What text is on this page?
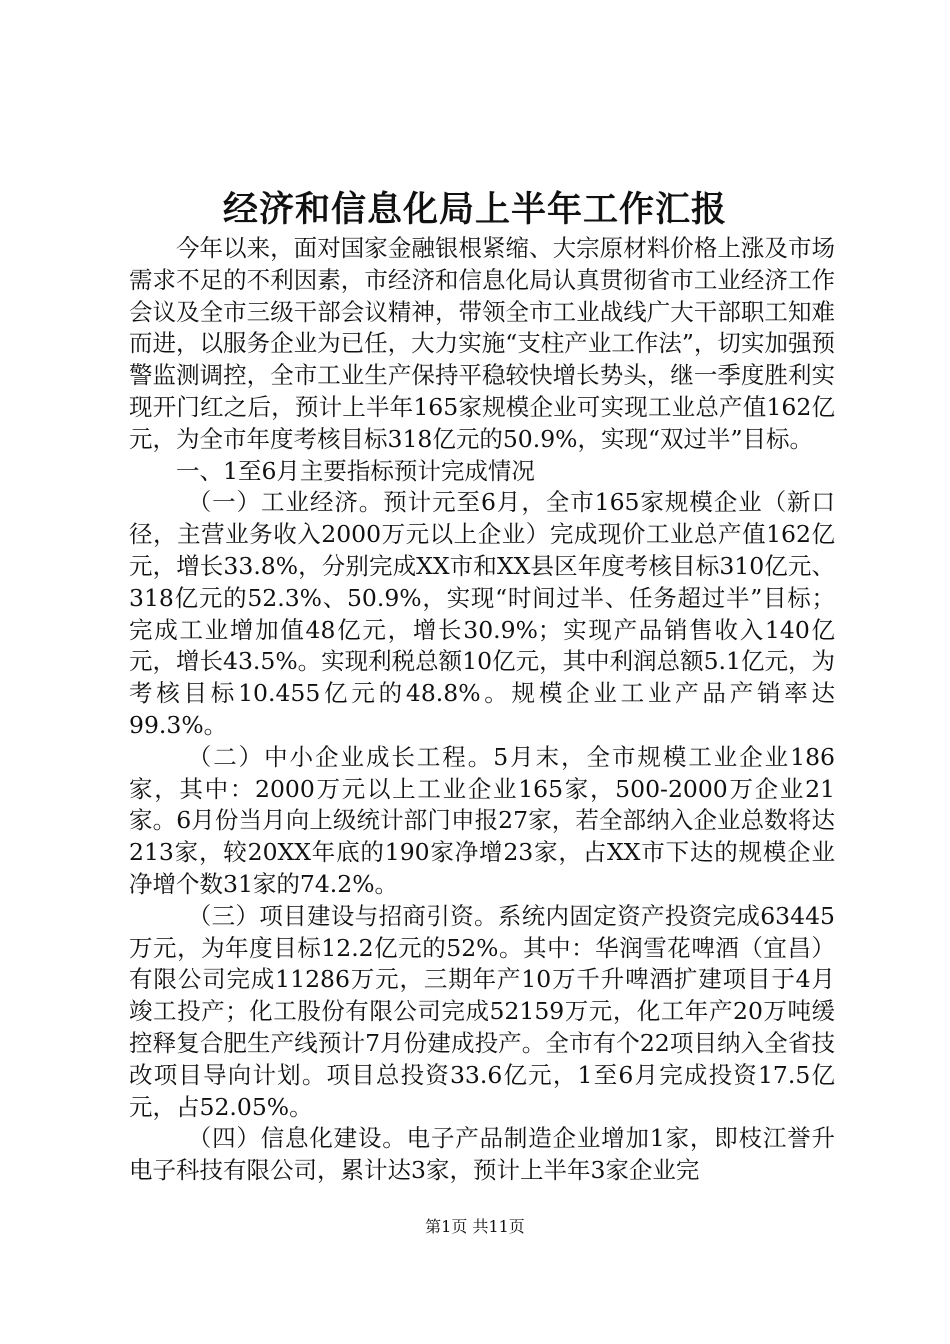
经济和信息化局上半年工作汇报

今年以来，面对国家金融银根紧缩、大宗原材料价格上涨及市场需求不足的不利因素，市经济和信息化局认真贯彻省市工业经济工作会议及全市三级干部会议精神，带领全市工业战线广大干部职工知难而进，以服务企业为已任，大力实施“支柱产业工作法”，切实加强预警监测调控，全市工业生产保持平稳较快增长势头，继一季度胜利实现开门红之后，预计上半年165家规模企业可实现工业总产值162亿元，为全市年度考核目标318亿元的50.9%，实现“双过半”目标。

一、1至6月主要指标预计完成情况

（一）工业经济。预计元至6月，全市165家规模企业（新口径，主营业务收入2000万元以上企业）完成现价工业总产值162亿元，增长33.8%，分别完成XX市和XX县区年度考核目标310亿元、318亿元的52.3%、50.9%，实现“时间过半、任务超过半”目标；完成工业增加值48亿元，增长30.9%；实现产品销售收入140亿元，增长43.5%。实现利税总额10亿元，其中利润总额5.1亿元，为考核目标10.455亿元的48.8%。规模企业工业产品产销率达99.3%。

（二）中小企业成长工程。5月末，全市规模工业企业186家，其中：2000万元以上工业企业165家，500-2000万企业21家。6月份当月向上级统计部门申报27家，若全部纳入企业总数将达213家，较20XX年底的190家净增23家，占XX市下达的规模企业净增个数31家的74.2%。

（三）项目建设与招商引资。系统内固定资产投资完成63445万元，为年度目标12.2亿元的52%。其中：华润雪花啤酒（宜昌）有限公司完成11286万元，三期年产10万千升啤酒扩建项目于4月竣工投产；化工股份有限公司完成52159万元，化工年产20万吨缓控释复合肥生产线预计7月份建成投产。全市有个22项目纳入全省技改项目导向计划。项目总投资33.6亿元，1至6月完成投资17.5亿元，占52.05%。

（四）信息化建设。电子产品制造企业增加1家，即枝江誉升电子科技有限公司，累计达3家，预计上半年3家企业完

第1页 共11页
